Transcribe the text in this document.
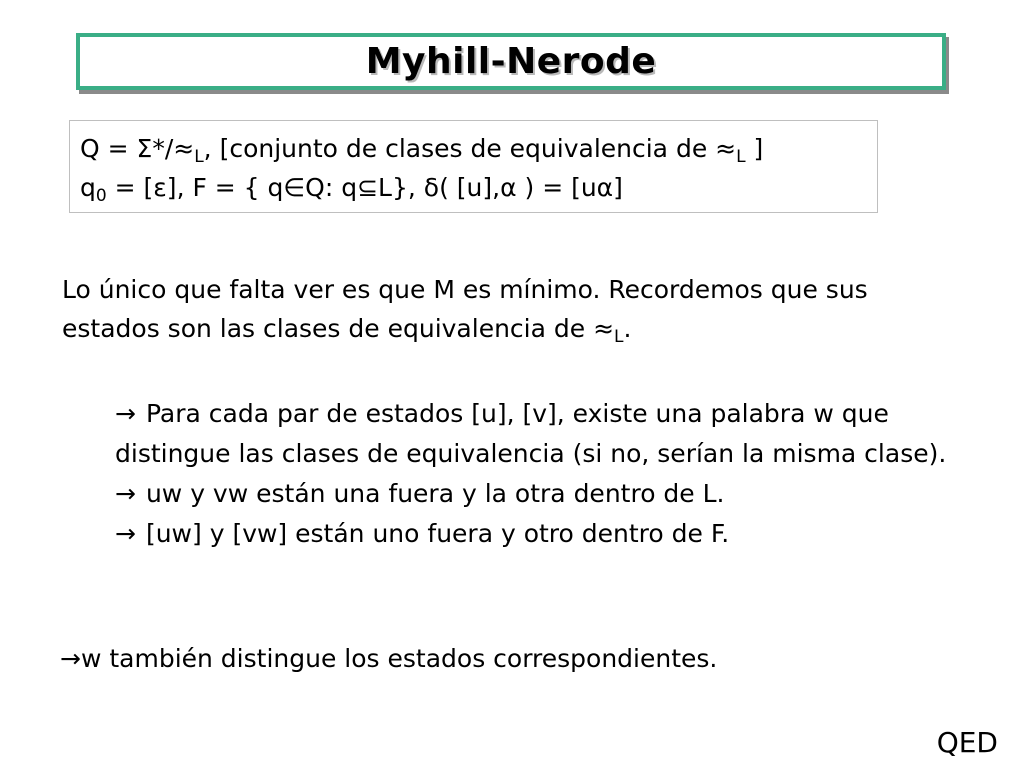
Myhill-Nerode
$Q = \Sigma*/\approx_L$, [conjunto de clases de equivalencia de $\approx_L$ ]
$q_0 = [\varepsilon]$, F = { q∈Q: q⊆L}, δ( [u],α ) = [uα]
Lo único que falta ver es que M es mínimo. Recordemos que sus estados son las clases de equivalencia de $\approx_L$.

→ Para cada par de estados [u], [v], existe una palabra w que distingue las clases de equivalencia (si no, serían la misma clase).

→ uw y vw están una fuera y la otra dentro de L.

→ [uw] y [vw] están uno fuera y otro dentro de F.

→w también distingue los estados correspondientes.
QED
